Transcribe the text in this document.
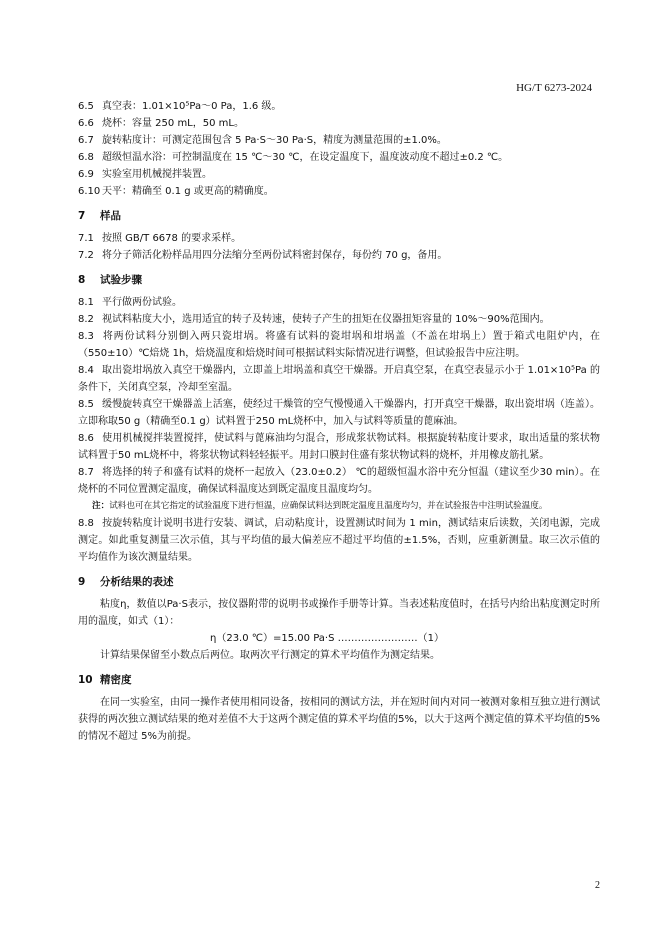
HG/T 6273-2024

6.5 真空表：1.01×10⁵Pa～0 Pa，1.6 级。

6.6 烧杯：容量 250 mL，50 mL。

6.7 旋转粘度计：可测定范围包含 5 Pa·S～30 Pa·S，精度为测量范围的±1.0%。

6.8 超级恒温水浴：可控制温度在 15 ℃～30 ℃，在设定温度下，温度波动度不超过±0.2 ℃。

6.9 实验室用机械搅拌装置。

6.10 天平：精确至 0.1 g 或更高的精确度。

7 样品

7.1 按照 GB/T 6678 的要求采样。

7.2 将分子筛活化粉样品用四分法缩分至两份试料密封保存，每份约 70 g，备用。

8 试验步骤

8.1 平行做两份试验。

8.2 视试料粘度大小，选用适宜的转子及转速，使转子产生的扭矩在仪器扭矩容量的 10%～90%范围内。

8.3 将两份试料分别倒入两只瓷坩埚。将盛有试料的瓷坩埚和坩埚盖（不盖在坩埚上）置于箱式电阻炉内，在（550±10）℃焙烧 1h，焙烧温度和焙烧时间可根据试料实际情况进行调整，但试验报告中应注明。

8.4 取出瓷坩埚放入真空干燥器内，立即盖上坩埚盖和真空干燥器。开启真空泵，在真空表显示小于 1.01×10⁵Pa 的条件下，关闭真空泵，冷却至室温。

8.5 缓慢旋转真空干燥器盖上活塞，使经过干燥管的空气慢慢通入干燥器内，打开真空干燥器，取出瓷坩埚（连盖）。立即称取50 g（精确至0.1 g）试料置于250 mL烧杯中，加入与试料等质量的蓖麻油。

8.6 使用机械搅拌装置搅拌，使试料与蓖麻油均匀混合，形成浆状物试料。根据旋转粘度计要求，取出适量的浆状物试料置于50 mL烧杯中，将浆状物试料轻轻振平。用封口膜封住盛有浆状物试料的烧杯，并用橡皮筋扎紧。

8.7 将选择的转子和盛有试料的烧杯一起放入（23.0±0.2） ℃的超级恒温水浴中充分恒温（建议至少30 min）。在烧杯的不同位置测定温度，确保试料温度达到既定温度且温度均匀。

注：试料也可在其它指定的试验温度下进行恒温，应确保试料达到既定温度且温度均匀，并在试验报告中注明试验温度。

8.8 按旋转粘度计说明书进行安装、调试，启动粘度计，设置测试时间为 1 min，测试结束后读数，关闭电源，完成测定。如此重复测量三次示值，其与平均值的最大偏差应不超过平均值的±1.5%，否则，应重新测量。取三次示值的平均值作为该次测量结果。

9 分析结果的表述

粘度η，数值以Pa·S表示，按仪器附带的说明书或操作手册等计算。当表述粘度值时，在括号内给出粘度测定时所用的温度，如式（1）：

η（23.0 ℃）=15.00 Pa·S ……………………（1）

计算结果保留至小数点后两位。取两次平行测定的算术平均值作为测定结果。

10 精密度

在同一实验室，由同一操作者使用相同设备，按相同的测试方法，并在短时间内对同一被测对象相互独立进行测试获得的两次独立测试结果的绝对差值不大于这两个测定值的算术平均值的5%，以大于这两个测定值的算术平均值的5%的情况不超过 5%为前提。

2
